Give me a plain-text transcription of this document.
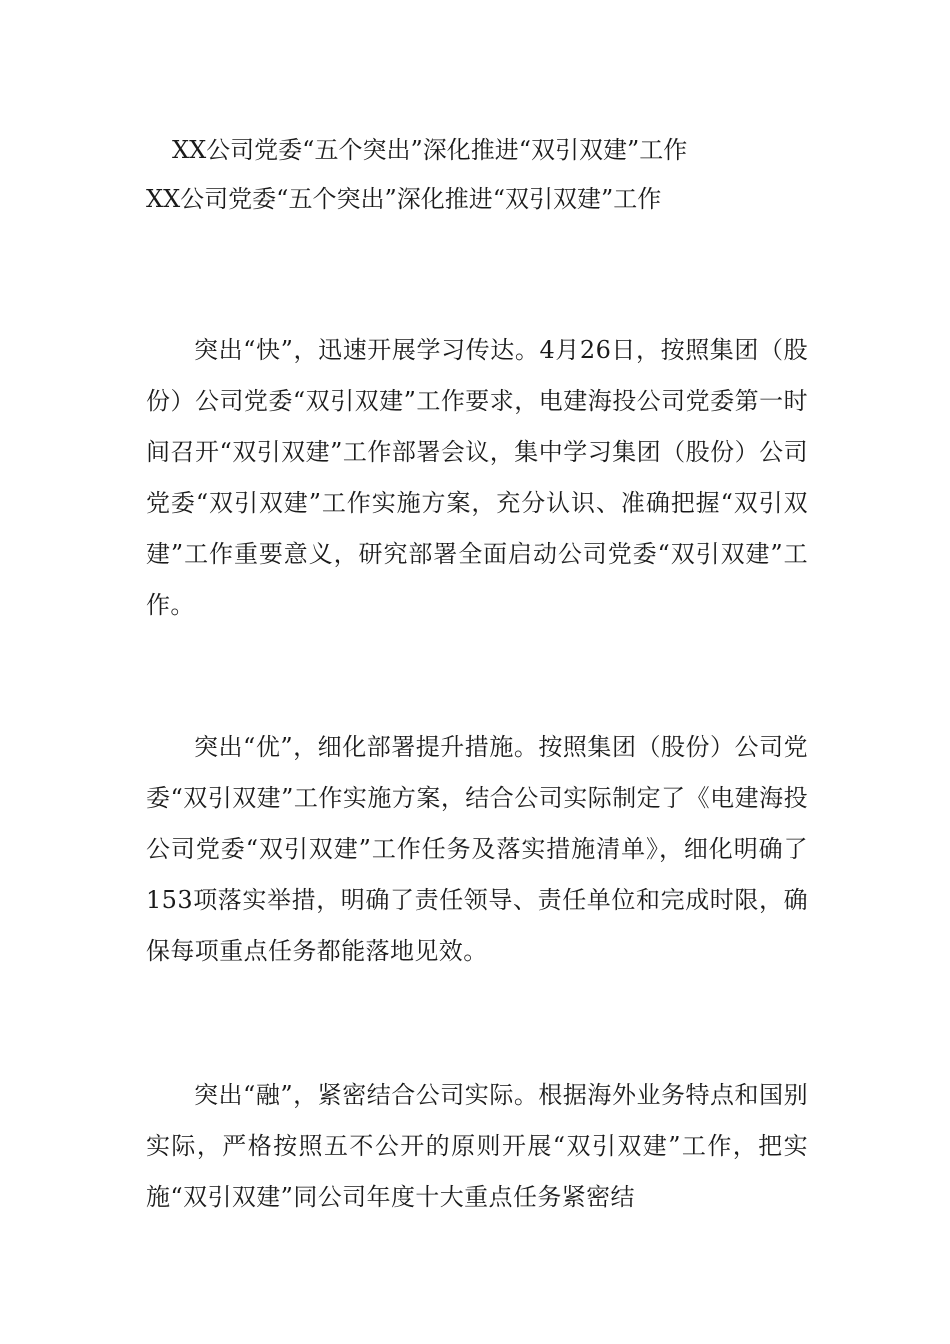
XX公司党委“五个突出”深化推进“双引双建”工作
XX公司党委“五个突出”深化推进“双引双建”工作

突出“快”，迅速开展学习传达。4月26日，按照集团（股份）公司党委“双引双建”工作要求，电建海投公司党委第一时间召开“双引双建”工作部署会议，集中学习集团（股份）公司党委“双引双建”工作实施方案，充分认识、准确把握“双引双建”工作重要意义，研究部署全面启动公司党委“双引双建”工作。

突出“优”，细化部署提升措施。按照集团（股份）公司党委“双引双建”工作实施方案，结合公司实际制定了《电建海投公司党委“双引双建”工作任务及落实措施清单》，细化明确了153项落实举措，明确了责任领导、责任单位和完成时限，确保每项重点任务都能落地见效。

突出“融”，紧密结合公司实际。根据海外业务特点和国别实际，严格按照五不公开的原则开展“双引双建”工作，把实施“双引双建”同公司年度十大重点任务紧密结
